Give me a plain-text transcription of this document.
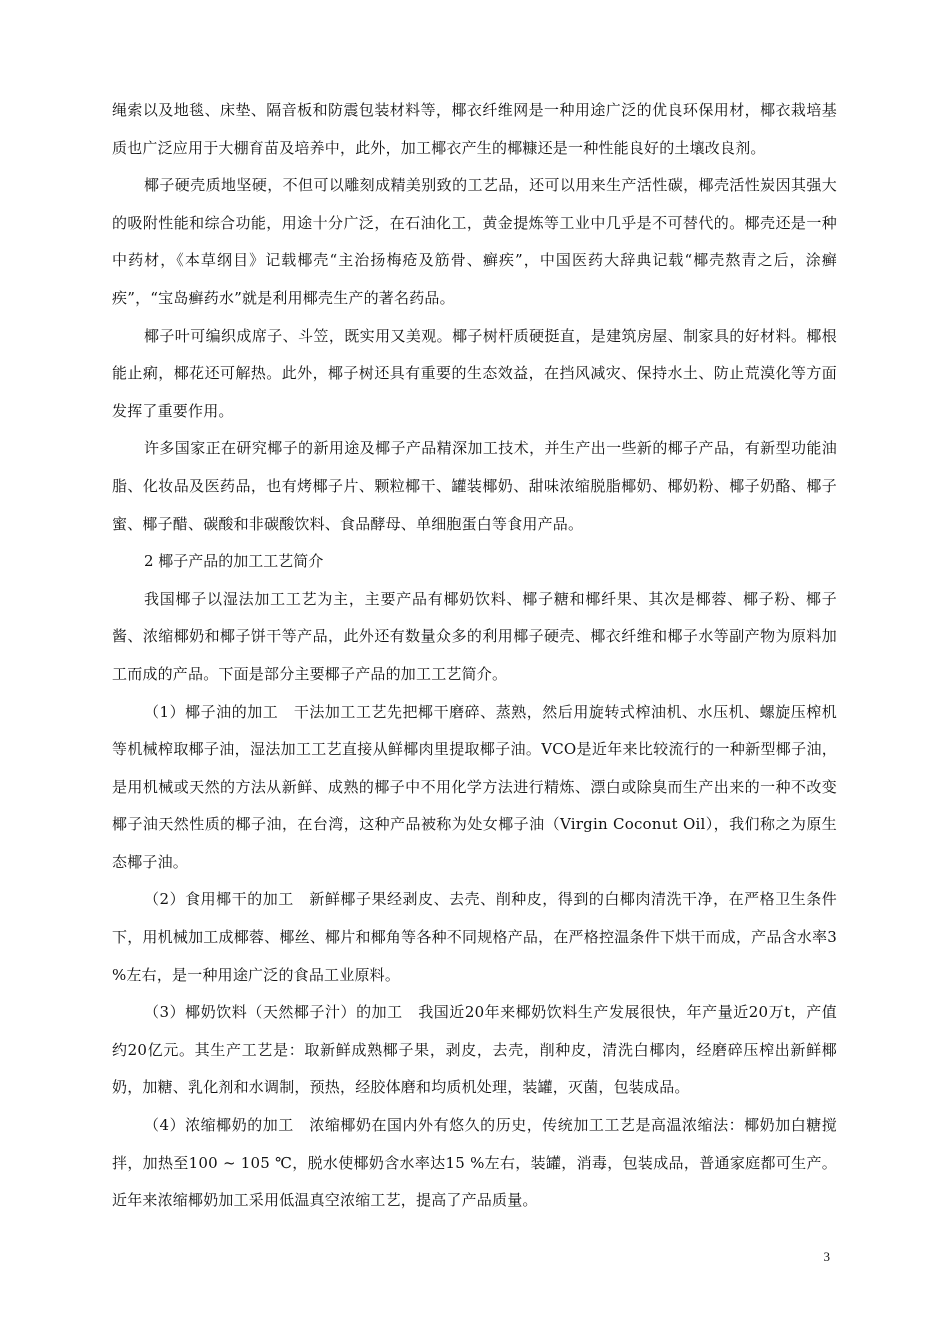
绳索以及地毯、床垫、隔音板和防震包装材料等，椰衣纤维网是一种用途广泛的优良环保用材，椰衣栽培基质也广泛应用于大棚育苗及培养中，此外，加工椰衣产生的椰糠还是一种性能良好的土壤改良剂。

椰子硬壳质地坚硬，不但可以雕刻成精美别致的工艺品，还可以用来生产活性碳，椰壳活性炭因其强大的吸附性能和综合功能，用途十分广泛，在石油化工，黄金提炼等工业中几乎是不可替代的。椰壳还是一种中药材，《本草纲目》记载椰壳“主治扬梅疮及筋骨、癣疾”，中国医药大辞典记载“椰壳熬青之后，涂癣疾”，“宝岛癣药水”就是利用椰壳生产的著名药品。

椰子叶可编织成席子、斗笠，既实用又美观。椰子树杆质硬挺直，是建筑房屋、制家具的好材料。椰根能止痢，椰花还可解热。此外，椰子树还具有重要的生态效益，在挡风减灾、保持水土、防止荒漠化等方面发挥了重要作用。

许多国家正在研究椰子的新用途及椰子产品精深加工技术，并生产出一些新的椰子产品，有新型功能油脂、化妆品及医药品，也有烤椰子片、颗粒椰干、罐装椰奶、甜味浓缩脱脂椰奶、椰奶粉、椰子奶酪、椰子蜜、椰子醋、碳酸和非碳酸饮料、食品酵母、单细胞蛋白等食用产品。

2 椰子产品的加工工艺简介

我国椰子以湿法加工工艺为主，主要产品有椰奶饮料、椰子糖和椰纤果、其次是椰蓉、椰子粉、椰子酱、浓缩椰奶和椰子饼干等产品，此外还有数量众多的利用椰子硬壳、椰衣纤维和椰子水等副产物为原料加工而成的产品。下面是部分主要椰子产品的加工工艺简介。

（1）椰子油的加工　干法加工工艺先把椰干磨碎、蒸熟，然后用旋转式榨油机、水压机、螺旋压榨机等机械榨取椰子油，湿法加工工艺直接从鲜椰肉里提取椰子油。VCO是近年来比较流行的一种新型椰子油，是用机械或天然的方法从新鲜、成熟的椰子中不用化学方法进行精炼、漂白或除臭而生产出来的一种不改变椰子油天然性质的椰子油，在台湾，这种产品被称为处女椰子油（Virgin Coconut Oil），我们称之为原生态椰子油。

（2）食用椰干的加工　新鲜椰子果经剥皮、去壳、削种皮，得到的白椰肉清洗干净，在严格卫生条件下，用机械加工成椰蓉、椰丝、椰片和椰角等各种不同规格产品，在严格控温条件下烘干而成，产品含水率3 %左右，是一种用途广泛的食品工业原料。

（3）椰奶饮料（天然椰子汁）的加工　我国近20年来椰奶饮料生产发展很快，年产量近20万t，产值约20亿元。其生产工艺是：取新鲜成熟椰子果，剥皮，去壳，削种皮，清洗白椰肉，经磨碎压榨出新鲜椰奶，加糖、乳化剂和水调制，预热，经胶体磨和均质机处理，装罐，灭菌，包装成品。

（4）浓缩椰奶的加工　浓缩椰奶在国内外有悠久的历史，传统加工工艺是高温浓缩法：椰奶加白糖搅拌，加热至100 ~ 105 ℃，脱水使椰奶含水率达15 %左右，装罐，消毒，包装成品，普通家庭都可生产。近年来浓缩椰奶加工采用低温真空浓缩工艺，提高了产品质量。

3
